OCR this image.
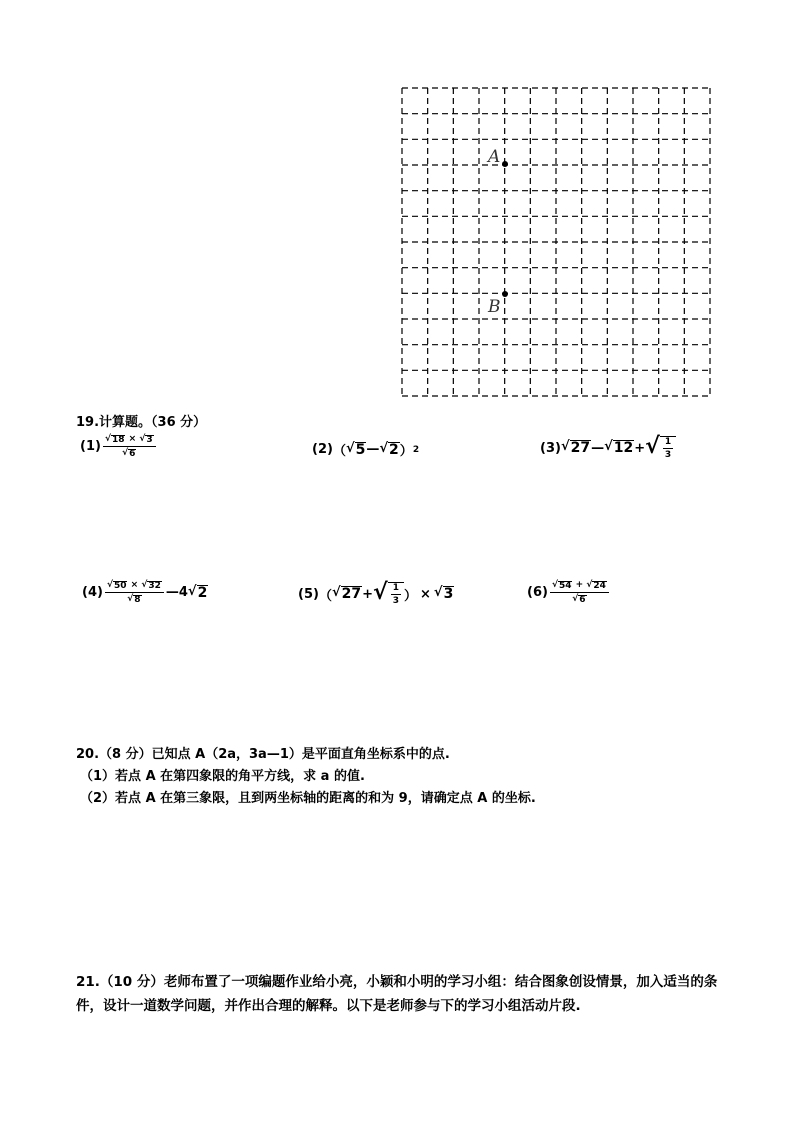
A
B
19.计算题。（36 分）
$(1) \frac{√ 18 \times √ 3}{√ 6}$	(2) （ √ 5 — √ 2 ） 2	(3) √ 27 — √ 12 + √ $\frac{1}{3}$
$(4) \frac{√ 50 \times √ 32}{√ 8}$ —4 √ 2	(5) （ √ 27 + √ $\frac{1}{3}$ ） × √ 3	$(6) \frac{√ 54 + √ 24}{√ 6}$
20.（8 分）已知点 A（2a，3a—1）是平面直角坐标系中的点.
（1）若点 A 在第四象限的角平方线，求 a 的值.
（2）若点 A 在第三象限，且到两坐标轴的距离的和为 9，请确定点 A 的坐标.
21.（10 分）老师布置了一项编题作业给小亮，小颖和小明的学习小组：结合图象创设情景，加入适当的条件，设计一道数学问题，并作出合理的解释。以下是老师参与下的学习小组活动片段.
